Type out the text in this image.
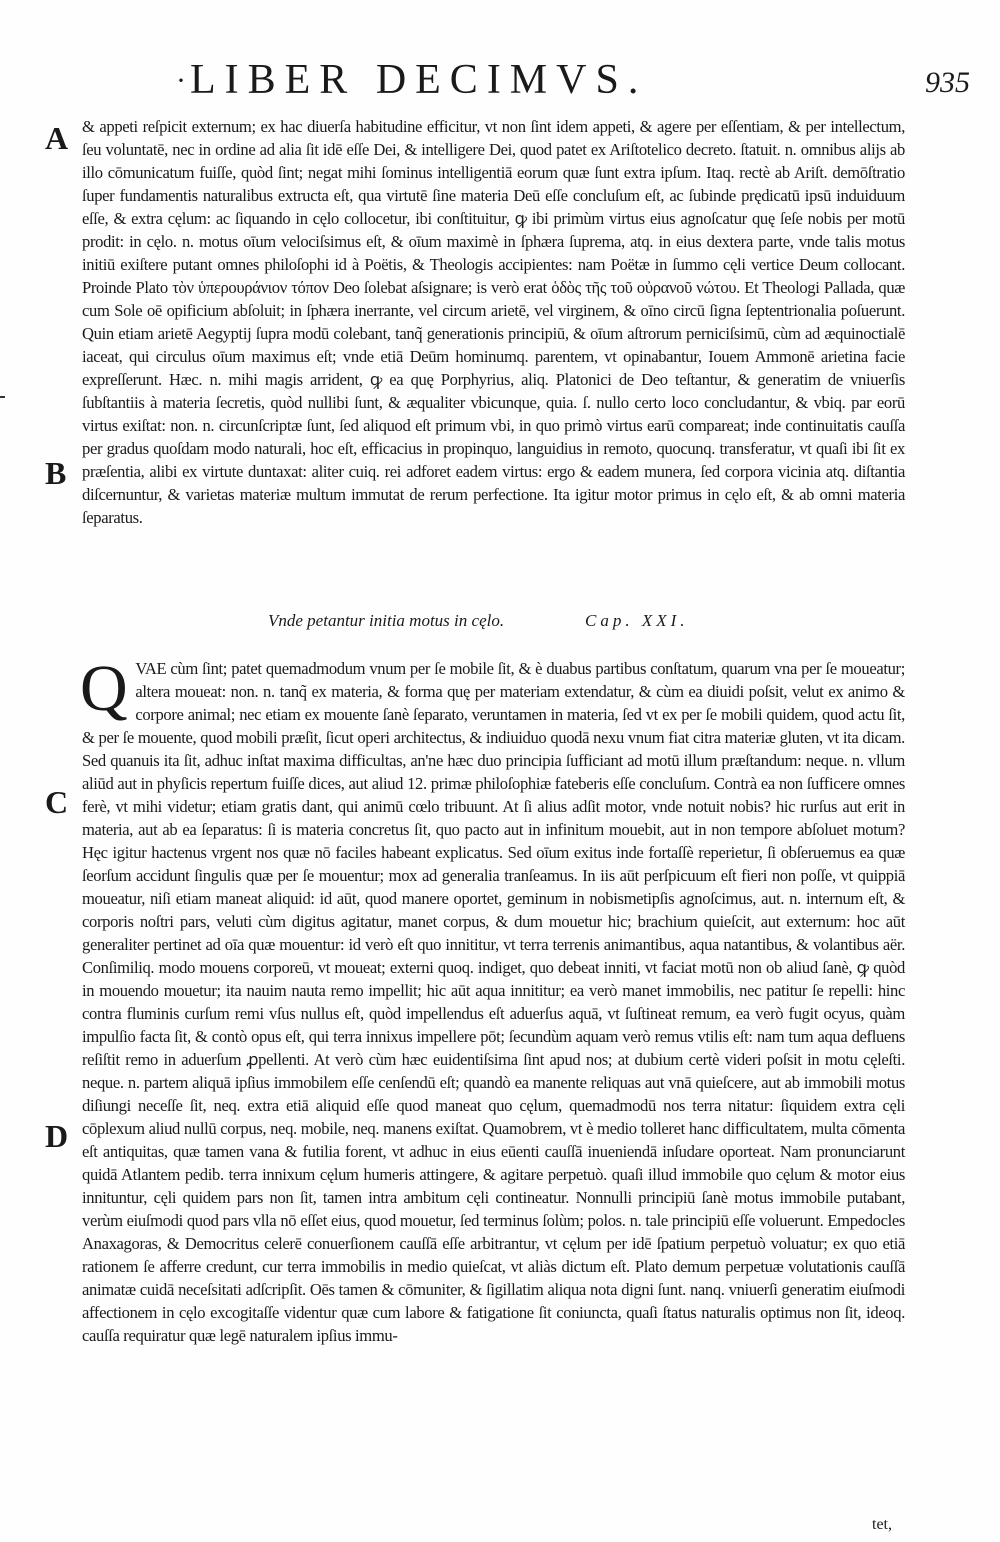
· LIBER DECIMVS.	935
A
B
C
D

& appeti reſpicit externum; ex hac diuerſa habitudine efficitur, vt non ſint idem appeti, & agere per eſſentiam, & per intellectum, ſeu voluntatē, nec in ordine ad alia ſit idē eſſe Dei, & intelligere Dei, quod patet ex Ariſtotelico decreto. ſtatuit. n. omnibus alijs ab illo cōmunicatum fuiſſe, quòd ſint; negat mihi ſominus intelligentiā eorum quæ ſunt extra ipſum. Itaq. rectè ab Ariſt. demōſtratio ſuper fundamentis naturalibus extructa eſt, qua virtutē ſine materia Deū eſſe concluſum eſt, ac ſubinde prędicatū ipsū induiduum eſſe, & extra cęlum: ac ſiquando in cęlo collocetur, ibi conſtituitur, ꝙ ibi primùm virtus eius agnoſcatur quę ſeſe nobis per motū prodit: in cęlo. n. motus oīum velociſsimus eſt, & oīum maximè in ſphæra ſuprema, atq. in eius dextera parte, vnde talis motus initiū exiſtere putant omnes philoſophi id à Poëtis, & Theologis accipientes: nam Poëtæ in ſummo cęli vertice Deum collocant. Proinde Plato τὸν ὑπερουράνιον τόπον Deo ſolebat aſsignare; is verò erat ὁδὸς τῆς τοῦ οὐρανοῦ νώτου. Et Theologi Pallada, quæ cum Sole oē opificium abſoluit; in ſphæra inerrante, vel circum arietē, vel virginem, & oīno circū ſigna ſeptentrionalia poſuerunt. Quin etiam arietē Aegyptij ſupra modū colebant, tanq̃ generationis principiū, & oīum aſtrorum perniciſsimū, cùm ad æquinoctialē iaceat, qui circulus oīum maximus eſt; vnde etiā Deūm hominumq. parentem, vt opinabantur, Iouem Ammonē arietina facie expreſſerunt. Hæc. n. mihi magis arrident, ꝙ ea quę Porphyrius, aliq. Platonici de Deo teſtantur, & generatim de vniuerſis ſubſtantiis à materia ſecretis, quòd nullibi ſunt, & æqualiter vbicunque, quia. ſ. nullo certo loco concludantur, & vbiq. par eorū virtus exiſtat: non. n. circunſcriptæ ſunt, ſed aliquod eſt primum vbi, in quo primò virtus earū compareat; inde continuitatis cauſſa per gradus quoſdam modo naturali, hoc eſt, efficacius in propinquo, languidius in remoto, quocunq. transferatur, vt quaſi ibi ſit ex præſentia, alibi ex virtute duntaxat: aliter cuiq. rei adforet eadem virtus: ergo & eadem munera, ſed corpora vicinia atq. diſtantia diſcernuntur, & varietas materiæ multum immutat de rerum perfectione. Ita igitur motor primus in cęlo eſt, & ab omni materia ſeparatus.

Vnde petantur initia motus in cęlo.	Cap. XXI.

QVAE cùm ſint; patet quemadmodum vnum per ſe mobile ſit, & è duabus partibus conſtatum, quarum vna per ſe moueatur; altera moueat: non. n. tanq̃ ex materia, & forma quę per materiam extendatur, & cùm ea diuidi poſsit, velut ex animo & corpore animal; nec etiam ex mouente ſanè ſeparato, veruntamen in materia, ſed vt ex per ſe mobili quidem, quod actu ſit, & per ſe mouente, quod mobili præſit, ſicut operi architectus, & indiuiduo quodā nexu vnum fiat citra materiæ gluten, vt ita dicam. Sed quanuis ita ſit, adhuc inſtat maxima difficultas, an'ne hæc duo principia ſufficiant ad motū illum præſtandum: neque. n. vllum aliūd aut in phyſicis repertum fuiſſe dices, aut aliud 12. primæ philoſophiæ fateberis eſſe concluſum. Contrà ea non ſufficere omnes ferè, vt mihi videtur; etiam gratis dant, qui animū cœlo tribuunt. At ſi alius adſit motor, vnde notuit nobis? hic rurſus aut erit in materia, aut ab ea ſeparatus: ſi is materia concretus ſit, quo pacto aut in infinitum mouebit, aut in non tempore abſoluet motum? Hęc igitur hactenus vrgent nos quæ nō faciles habeant explicatus. Sed oīum exitus inde fortaſſè reperietur, ſi obſeruemus ea quæ ſeorſum accidunt ſingulis quæ per ſe mouentur; mox ad generalia tranſeamus. In iis aūt perſpicuum eſt fieri non poſſe, vt quippiā moueatur, niſi etiam maneat aliquid: id aūt, quod manere oportet, geminum in nobismetipſis agnoſcimus, aut. n. internum eſt, & corporis noſtri pars, veluti cùm digitus agitatur, manet corpus, & dum mouetur hic; brachium quieſcit, aut externum: hoc aūt generaliter pertinet ad oīa quæ mouentur: id verò eſt quo innititur, vt terra terrenis animantibus, aqua natantibus, & volantibus aër. Conſimiliq. modo mouens corporeū, vt moueat; externi quoq. indiget, quo debeat inniti, vt faciat motū non ob aliud ſanè, ꝙ quòd in mouendo mouetur; ita nauim nauta remo impellit; hic aūt aqua innititur; ea verò manet immobilis, nec patitur ſe repelli: hinc contra fluminis curſum remi vſus nullus eſt, quòd impellendus eſt aduerſus aquā, vt ſuſtineat remum, ea verò fugit ocyus, quàm impulſio facta ſit, & contò opus eſt, qui terra innixus impellere pōt; ſecundùm aquam verò remus vtilis eſt: nam tum aqua defluens reſiſtit remo in aduerſum ꝓpellenti. At verò cùm hæc euidentiſsima ſint apud nos; at dubium certè videri poſsit in motu cęleſti. neque. n. partem aliquā ipſius immobilem eſſe cenſendū eſt; quandò ea manente reliquas aut vnā quieſcere, aut ab immobili motus diſiungi neceſſe ſit, neq. extra etiā aliquid eſſe quod maneat quo cęlum, quemadmodū nos terra nitatur: ſiquidem extra cęli cōplexum aliud nullū corpus, neq. mobile, neq. manens exiſtat. Quamobrem, vt è medio tolleret hanc difficultatem, multa cōmenta eſt antiquitas, quæ tamen vana & futilia forent, vt adhuc in eius eūenti cauſſā inueniendā inſudare oporteat. Nam pronunciarunt quidā Atlantem pedib. terra innixum cęlum humeris attingere, & agitare perpetuò. quaſi illud immobile quo cęlum & motor eius innituntur, cęli quidem pars non ſit, tamen intra ambitum cęli contineatur. Nonnulli principiū ſanè motus immobile putabant, verùm eiuſmodi quod pars vlla nō eſſet eius, quod mouetur, ſed terminus ſolùm; polos. n. tale principiū eſſe voluerunt. Empedocles Anaxagoras, & Democritus celerē conuerſionem cauſſā eſſe arbitrantur, vt cęlum per idē ſpatium perpetuò voluatur; ex quo etiā rationem ſe afferre credunt, cur terra immobilis in medio quieſcat, vt aliàs dictum eſt. Plato demum perpetuæ volutationis cauſſā animatæ cuidā neceſsitati adſcripſit. Oēs tamen & cōmuniter, & ſigillatim aliqua nota digni ſunt. nanq. vniuerſi generatim eiuſmodi affectionem in cęlo excogitaſſe videntur quæ cum labore & fatigatione ſit coniuncta, quaſi ſtatus naturalis optimus non ſit, ideoq. cauſſa requiratur quæ legē naturalem ipſius immu-

tet,
